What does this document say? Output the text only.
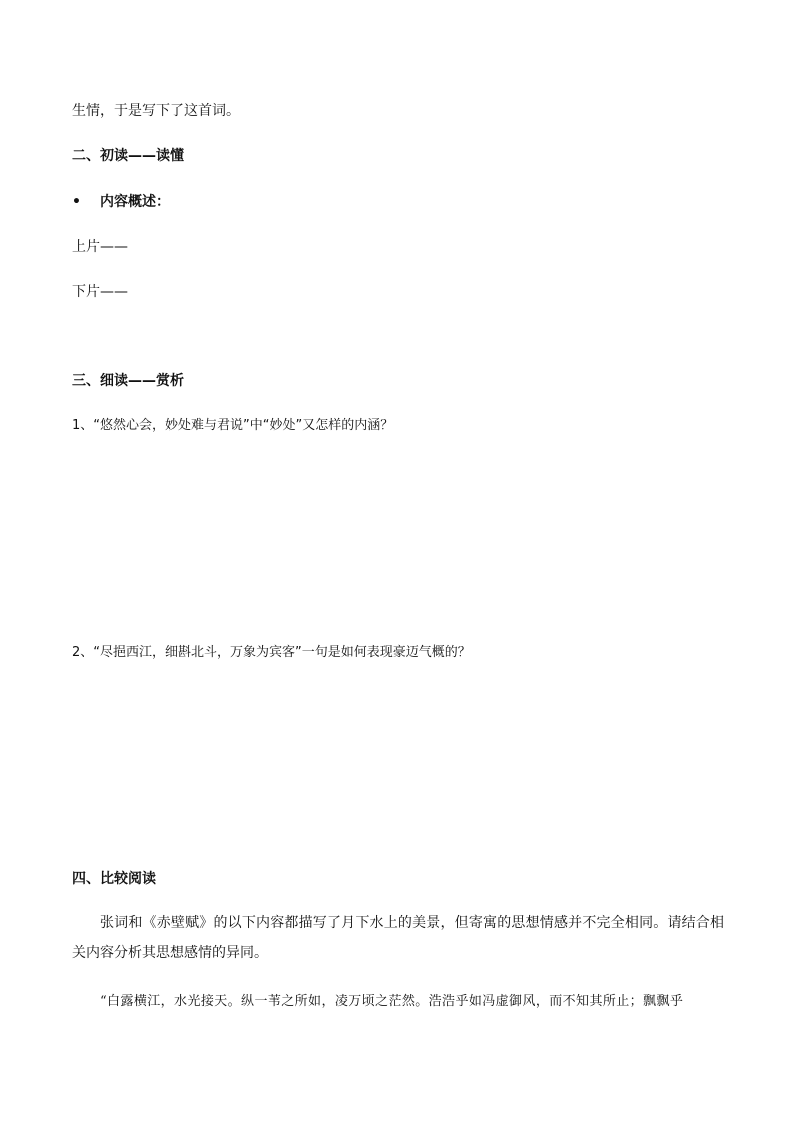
生情，于是写下了这首词。
二、初读——读懂
• 内容概述：
上片——
下片——
三、细读——赏析
1、“悠然心会，妙处难与君说”中“妙处”又怎样的内涵？
2、“尽挹西江，细斟北斗，万象为宾客”一句是如何表现豪迈气概的？
四、比较阅读
张词和《赤壁赋》的以下内容都描写了月下水上的美景，但寄寓的思想情感并不完全相同。请结合相关内容分析其思想感情的异同。
“白露横江，水光接天。纵一苇之所如，凌万顷之茫然。浩浩乎如冯虚御风，而不知其所止；飘飘乎
